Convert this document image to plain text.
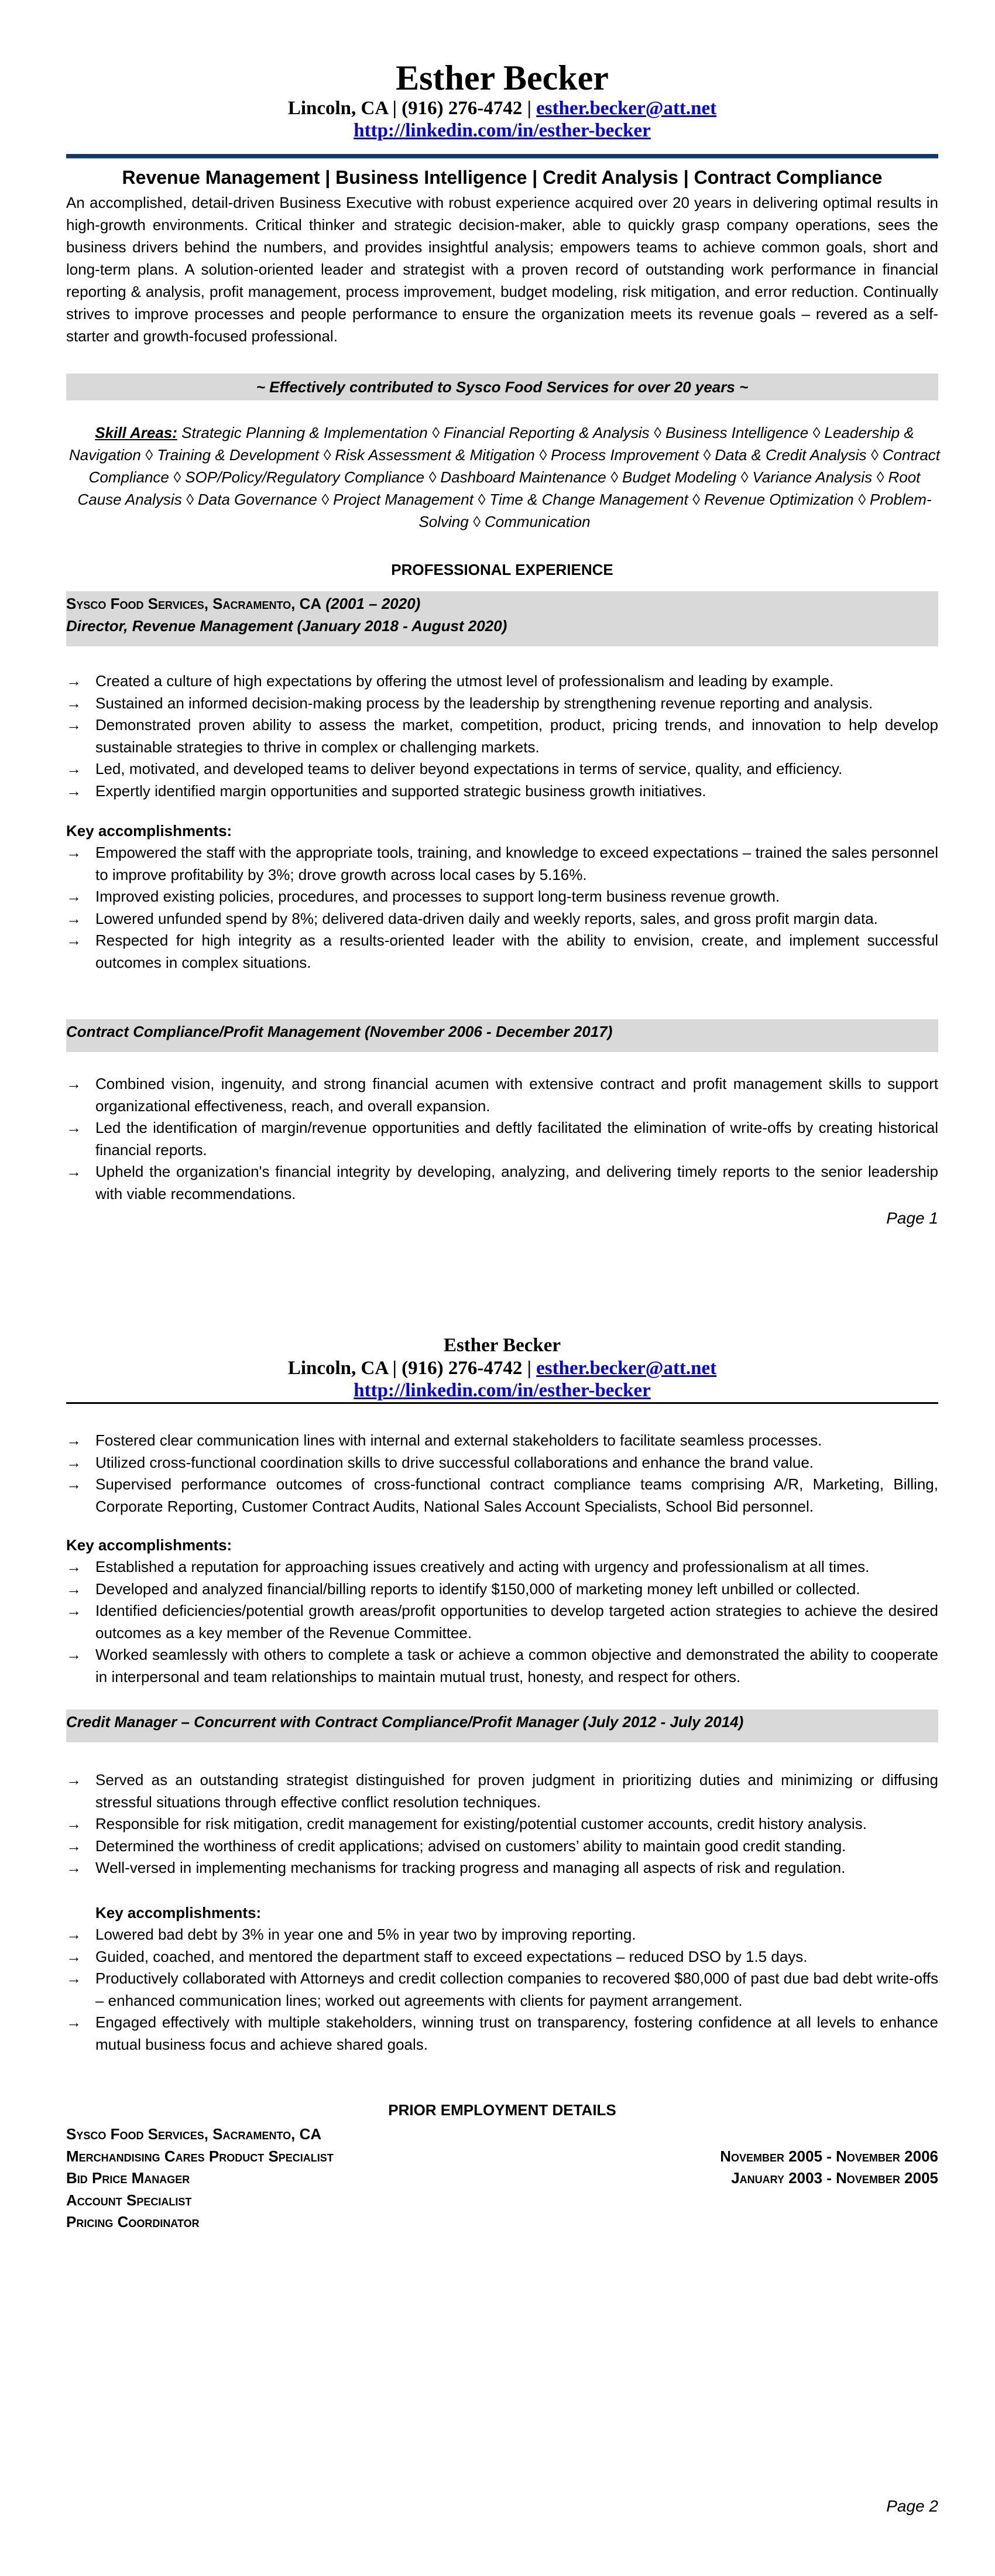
Esther Becker
Lincoln, CA | (916) 276-4742 | esther.becker@att.net
http://linkedin.com/in/esther-becker
Revenue Management | Business Intelligence | Credit Analysis | Contract Compliance
An accomplished, detail-driven Business Executive with robust experience acquired over 20 years in delivering optimal results in high-growth environments. Critical thinker and strategic decision-maker, able to quickly grasp company operations, sees the business drivers behind the numbers, and provides insightful analysis; empowers teams to achieve common goals, short and long-term plans. A solution-oriented leader and strategist with a proven record of outstanding work performance in financial reporting & analysis, profit management, process improvement, budget modeling, risk mitigation, and error reduction. Continually strives to improve processes and people performance to ensure the organization meets its revenue goals – revered as a self-starter and growth-focused professional.
~ Effectively contributed to Sysco Food Services for over 20 years ~
Skill Areas: Strategic Planning & Implementation ◊ Financial Reporting & Analysis ◊ Business Intelligence ◊ Leadership & Navigation ◊ Training & Development ◊ Risk Assessment & Mitigation ◊ Process Improvement ◊ Data & Credit Analysis ◊ Contract Compliance ◊ SOP/Policy/Regulatory Compliance ◊ Dashboard Maintenance ◊ Budget Modeling ◊ Variance Analysis ◊ Root Cause Analysis ◊ Data Governance ◊ Project Management ◊ Time & Change Management ◊ Revenue Optimization ◊ Problem-Solving ◊ Communication
PROFESSIONAL EXPERIENCE
Sysco Food Services, Sacramento, CA (2001 – 2020)
Director, Revenue Management (January 2018 - August 2020)
→ Created a culture of high expectations by offering the utmost level of professionalism and leading by example.
→ Sustained an informed decision-making process by the leadership by strengthening revenue reporting and analysis.
→ Demonstrated proven ability to assess the market, competition, product, pricing trends, and innovation to help develop sustainable strategies to thrive in complex or challenging markets.
→ Led, motivated, and developed teams to deliver beyond expectations in terms of service, quality, and efficiency.
→ Expertly identified margin opportunities and supported strategic business growth initiatives.
Key accomplishments:
→ Empowered the staff with the appropriate tools, training, and knowledge to exceed expectations – trained the sales personnel to improve profitability by 3%; drove growth across local cases by 5.16%.
→ Improved existing policies, procedures, and processes to support long-term business revenue growth.
→ Lowered unfunded spend by 8%; delivered data-driven daily and weekly reports, sales, and gross profit margin data.
→ Respected for high integrity as a results-oriented leader with the ability to envision, create, and implement successful outcomes in complex situations.
Contract Compliance/Profit Management (November 2006 - December 2017)
→ Combined vision, ingenuity, and strong financial acumen with extensive contract and profit management skills to support organizational effectiveness, reach, and overall expansion.
→ Led the identification of margin/revenue opportunities and deftly facilitated the elimination of write-offs by creating historical financial reports.
→ Upheld the organization's financial integrity by developing, analyzing, and delivering timely reports to the senior leadership with viable recommendations.
Page 1
Esther Becker
Lincoln, CA | (916) 276-4742 | esther.becker@att.net
http://linkedin.com/in/esther-becker
→ Fostered clear communication lines with internal and external stakeholders to facilitate seamless processes.
→ Utilized cross-functional coordination skills to drive successful collaborations and enhance the brand value.
→ Supervised performance outcomes of cross-functional contract compliance teams comprising A/R, Marketing, Billing, Corporate Reporting, Customer Contract Audits, National Sales Account Specialists, School Bid personnel.
Key accomplishments:
→ Established a reputation for approaching issues creatively and acting with urgency and professionalism at all times.
→ Developed and analyzed financial/billing reports to identify $150,000 of marketing money left unbilled or collected.
→ Identified deficiencies/potential growth areas/profit opportunities to develop targeted action strategies to achieve the desired outcomes as a key member of the Revenue Committee.
→ Worked seamlessly with others to complete a task or achieve a common objective and demonstrated the ability to cooperate in interpersonal and team relationships to maintain mutual trust, honesty, and respect for others.
Credit Manager – Concurrent with Contract Compliance/Profit Manager (July 2012 - July 2014)
→ Served as an outstanding strategist distinguished for proven judgment in prioritizing duties and minimizing or diffusing stressful situations through effective conflict resolution techniques.
→ Responsible for risk mitigation, credit management for existing/potential customer accounts, credit history analysis.
→ Determined the worthiness of credit applications; advised on customers’ ability to maintain good credit standing.
→ Well-versed in implementing mechanisms for tracking progress and managing all aspects of risk and regulation.
Key accomplishments:
→ Lowered bad debt by 3% in year one and 5% in year two by improving reporting.
→ Guided, coached, and mentored the department staff to exceed expectations – reduced DSO by 1.5 days.
→ Productively collaborated with Attorneys and credit collection companies to recovered $80,000 of past due bad debt write-offs – enhanced communication lines; worked out agreements with clients for payment arrangement.
→ Engaged effectively with multiple stakeholders, winning trust on transparency, fostering confidence at all levels to enhance mutual business focus and achieve shared goals.
PRIOR EMPLOYMENT DETAILS
Sysco Food Services, Sacramento, CA
Merchandising Cares Product Specialist	November 2005 - November 2006
Bid Price Manager	January 2003 - November 2005
Account Specialist
Pricing Coordinator
Page 2
